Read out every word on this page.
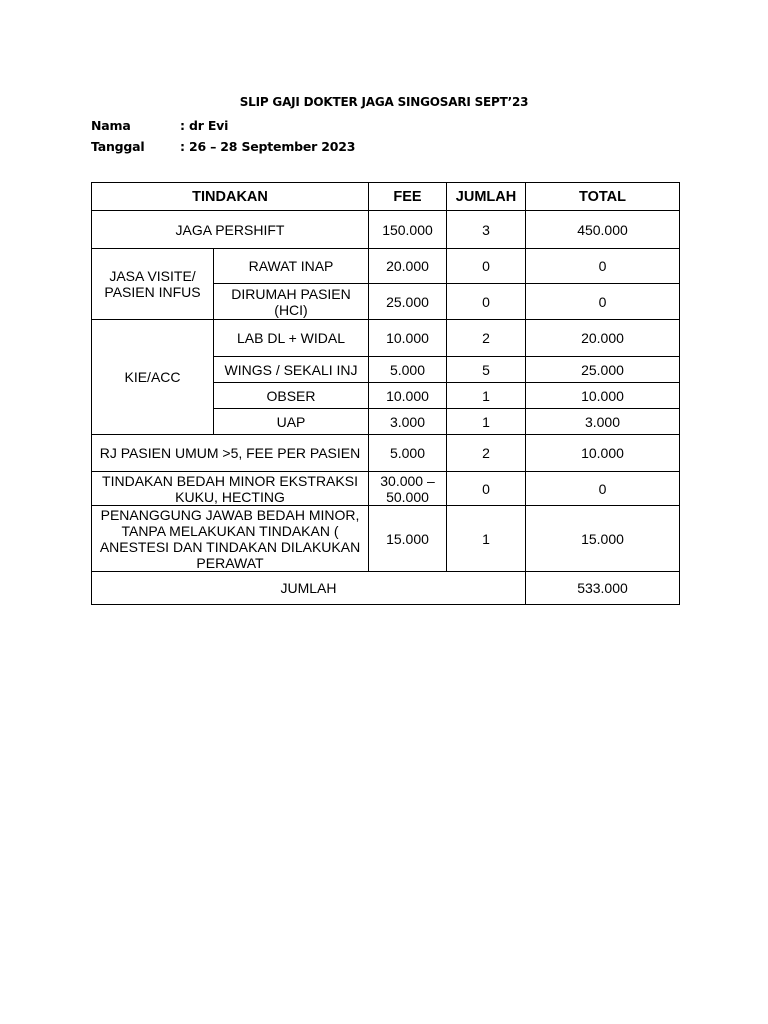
SLIP GAJI DOKTER JAGA SINGOSARI SEPT’23
Nama	: dr Evi
Tanggal	: 26 – 28 September 2023
TINDAKAN		FEE	JUMLAH	TOTAL
JAGA PERSHIFT		150.000	3	450.000
JASA VISITE/ PASIEN INFUS	RAWAT INAP	20.000	0	0
	DIRUMAH PASIEN (HCI)	25.000	0	0
KIE/ACC	LAB DL + WIDAL	10.000	2	20.000
	WINGS / SEKALI INJ	5.000	5	25.000
	OBSER	10.000	1	10.000
	UAP	3.000	1	3.000
RJ PASIEN UMUM >5, FEE PER PASIEN		5.000	2	10.000
TINDAKAN BEDAH MINOR EKSTRAKSI KUKU, HECTING		30.000 – 50.000	0	0
PENANGGUNG JAWAB BEDAH MINOR, TANPA MELAKUKAN TINDAKAN ( ANESTESI DAN TINDAKAN DILAKUKAN PERAWAT		15.000	1	15.000
JUMLAH				533.000
